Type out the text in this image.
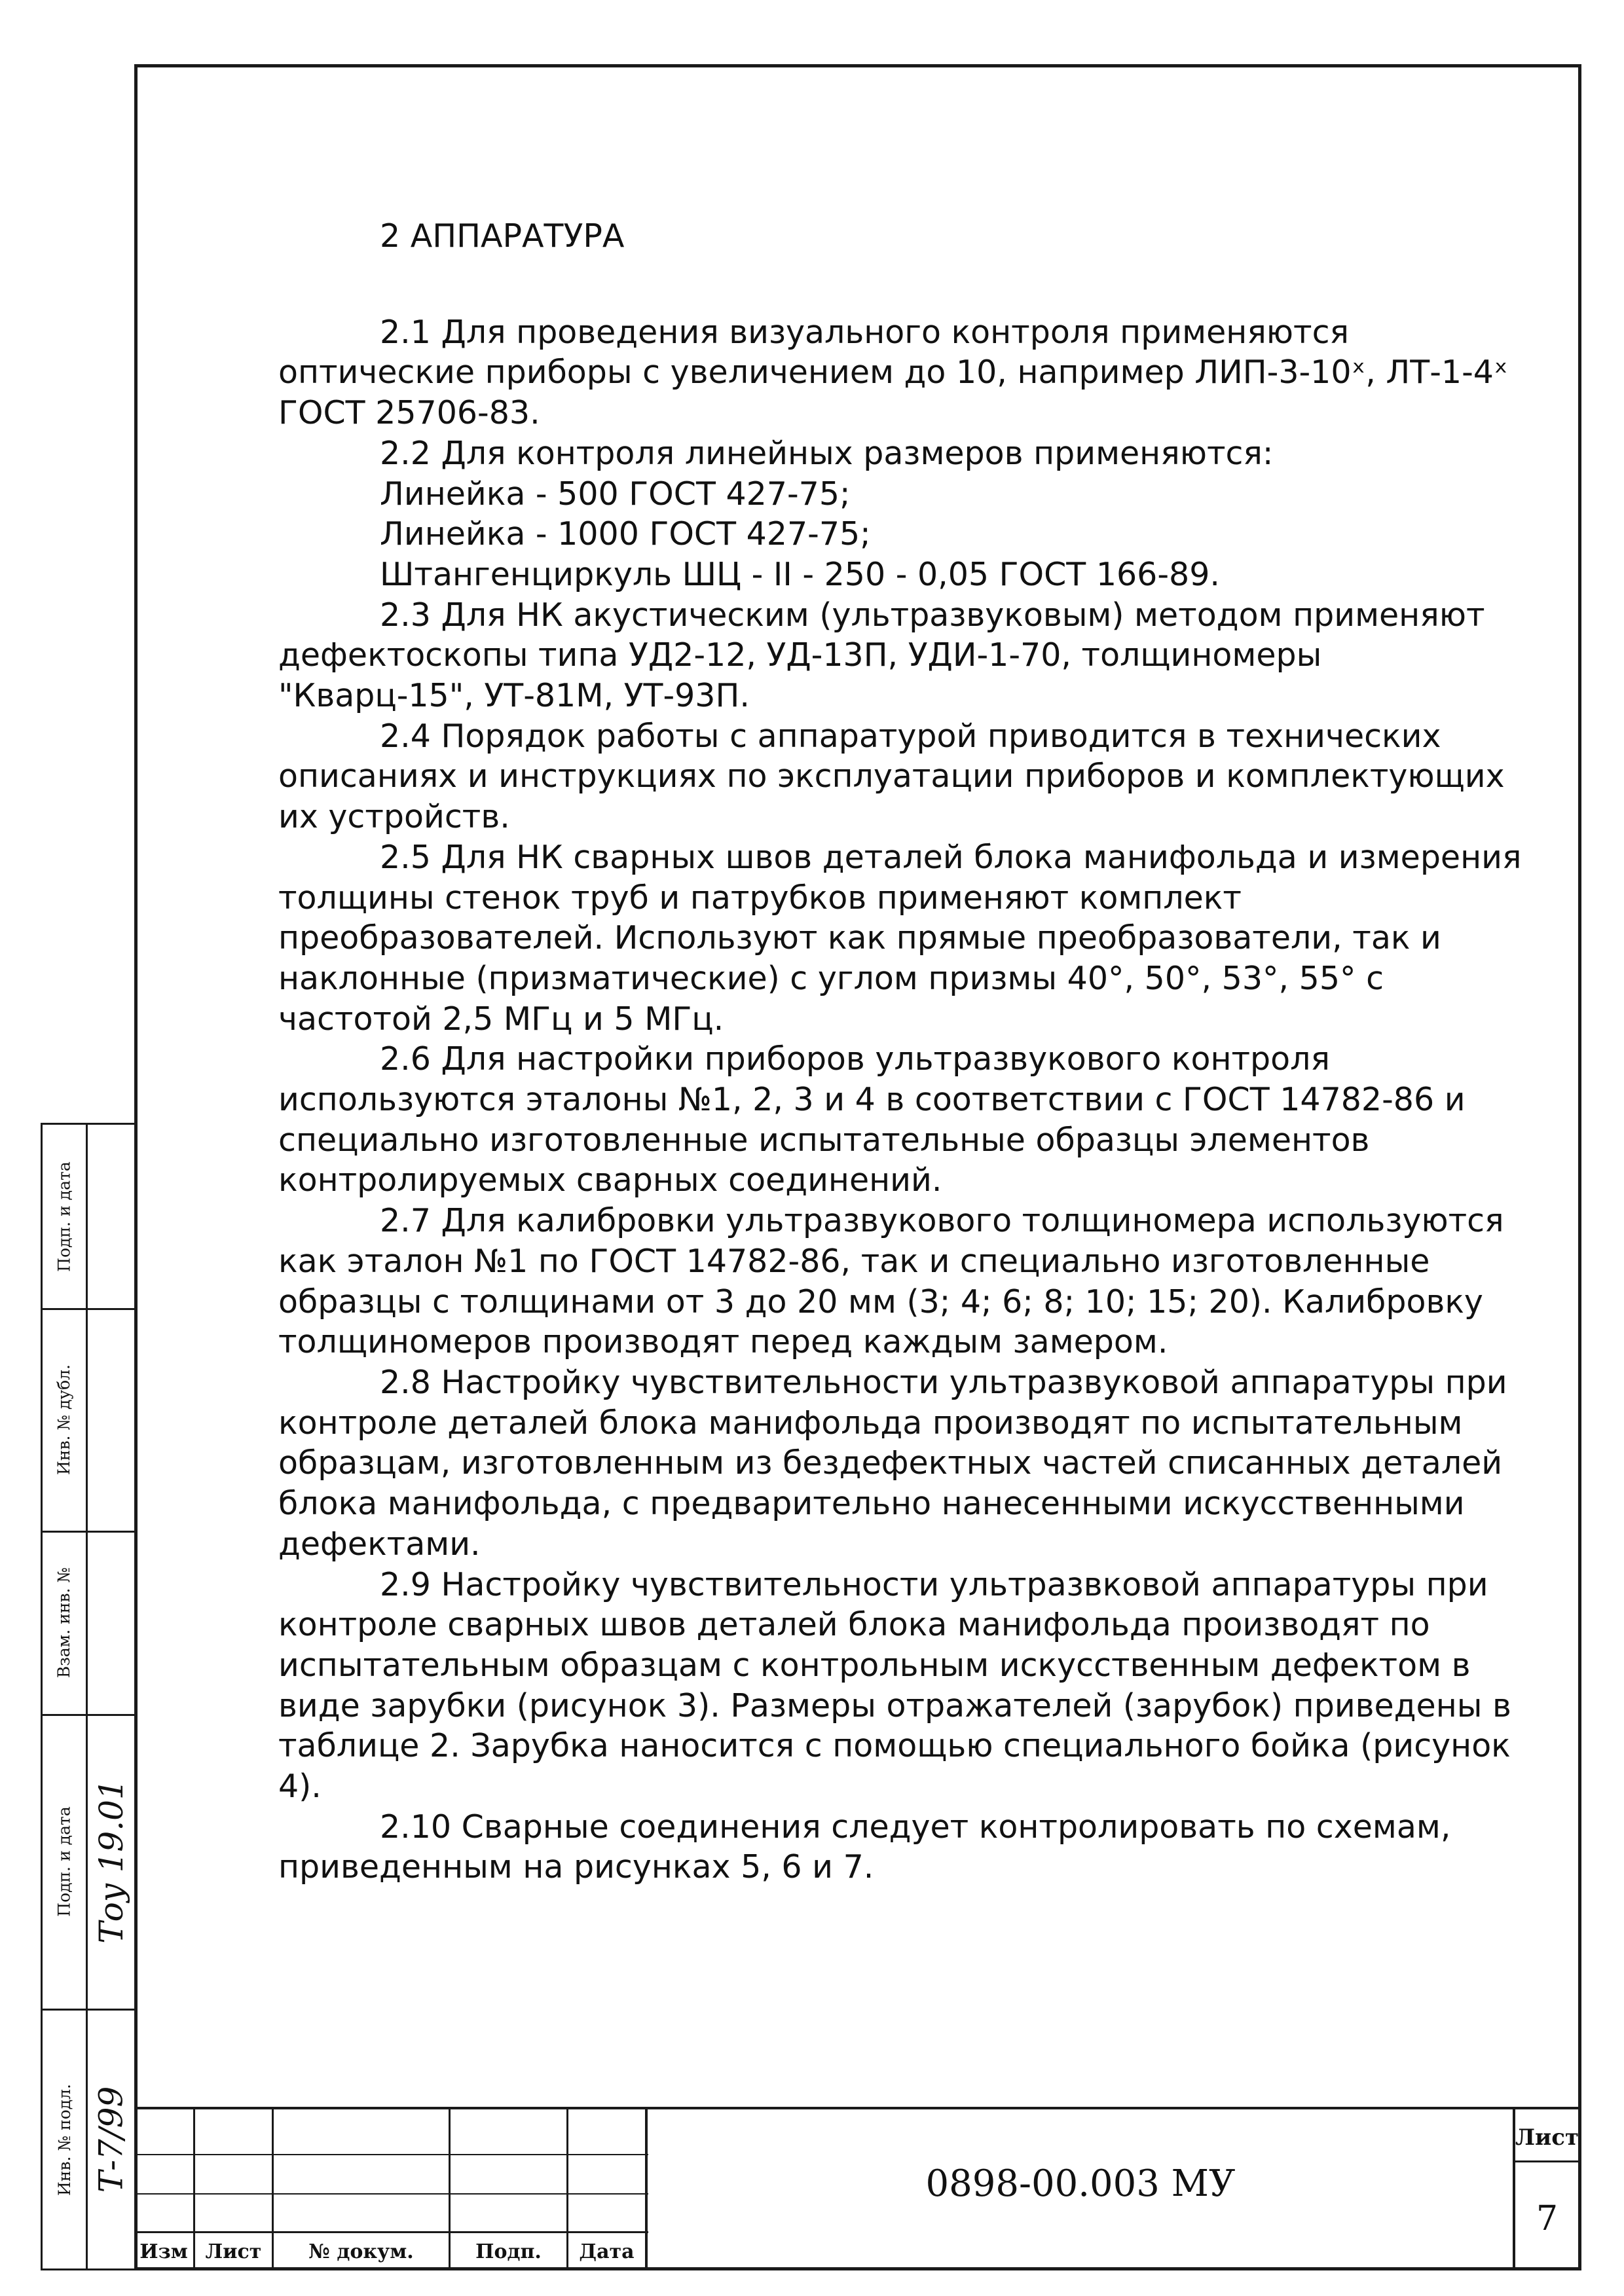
2 АППАРАТУРА

2.1 Для проведения визуального контроля применяются оптические приборы с увеличением до 10, например ЛИП-3-10ˣ, ЛТ-1-4ˣ ГОСТ 25706-83.

2.2 Для контроля линейных размеров применяются:

Линейка - 500 ГОСТ 427-75;

Линейка - 1000 ГОСТ 427-75;

Штангенциркуль ШЦ - II - 250 - 0,05 ГОСТ 166-89.

2.3 Для НК акустическим (ультразвуковым) методом применяют дефектоскопы типа УД2-12, УД-13П, УДИ-1-70, толщиномеры "Кварц-15", УТ-81М, УТ-93П.

2.4 Порядок работы с аппаратурой приводится в технических описаниях и инструкциях по эксплуатации приборов и комплектующих их устройств.

2.5 Для НК сварных швов деталей блока манифольда и измерения толщины стенок труб и патрубков применяют комплект преобразователей. Используют как прямые преобразователи, так и наклонные (призматические) с углом призмы 40°, 50°, 53°, 55° с частотой 2,5 МГц и 5 МГц.

2.6 Для настройки приборов ультразвукового контроля используются эталоны №1, 2, 3 и 4 в соответствии с ГОСТ 14782-86 и специально изготовленные испытательные образцы элементов контролируемых сварных соединений.

2.7 Для калибровки ультразвукового толщиномера используются как эталон №1 по ГОСТ 14782-86, так и специально изготовленные образцы с толщинами от 3 до 20 мм (3; 4; 6; 8; 10; 15; 20). Калибровку толщиномеров производят перед каждым замером.

2.8 Настройку чувствительности ультразвуковой аппаратуры при контроле деталей блока манифольда производят по испытательным образцам, изготовленным из бездефектных частей списанных деталей блока манифольда, с предварительно нанесенными искусственными дефектами.

2.9 Настройку чувствительности ультразвковой аппаратуры при контроле сварных швов деталей блока манифольда производят по испытательным образцам с контрольным искусственным дефектом в виде зарубки (рисунок 3). Размеры отражателей (зарубок) приведены в таблице 2. Зарубка наносится с помощью специального бойка (рисунок 4).

2.10 Сварные соединения следует контролировать по схемам, приведенным на рисунках 5, 6 и 7.

Подп. и дата
Инв. № дубл.
Взам. инв. №
Подп. и дата
Инв. № подл.
Тоу 19.01
Т-7/99
Изм Лист	№ докум.	Подп.	Дата
0898-00.003 МУ
Лист
7
